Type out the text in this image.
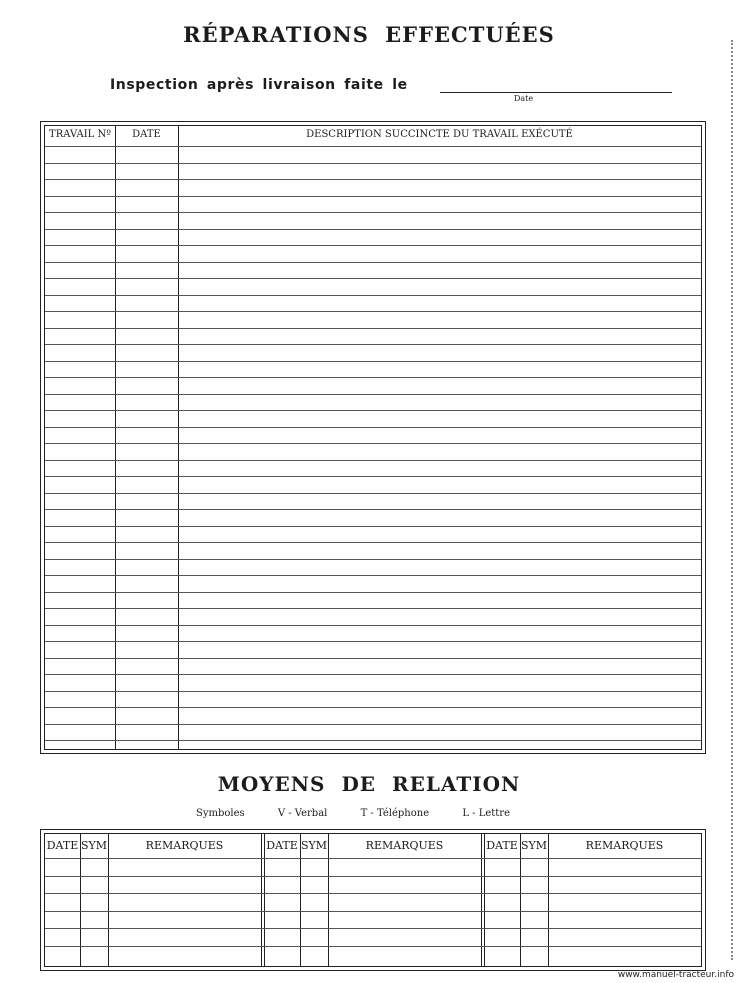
RÉPARATIONS EFFECTUÉES
Inspection après livraison faite le
Date
TRAVAIL Nº	DATE	DESCRIPTION SUCCINCTE DU TRAVAIL EXÉCUTÉ
MOYENS DE RELATION
Symboles	V - Verbal	T - Téléphone	L - Lettre
DATE SYM	REMARQUES	DATE SYM	REMARQUES	DATE SYM	REMARQUES
www.manuel-tracteur.info
